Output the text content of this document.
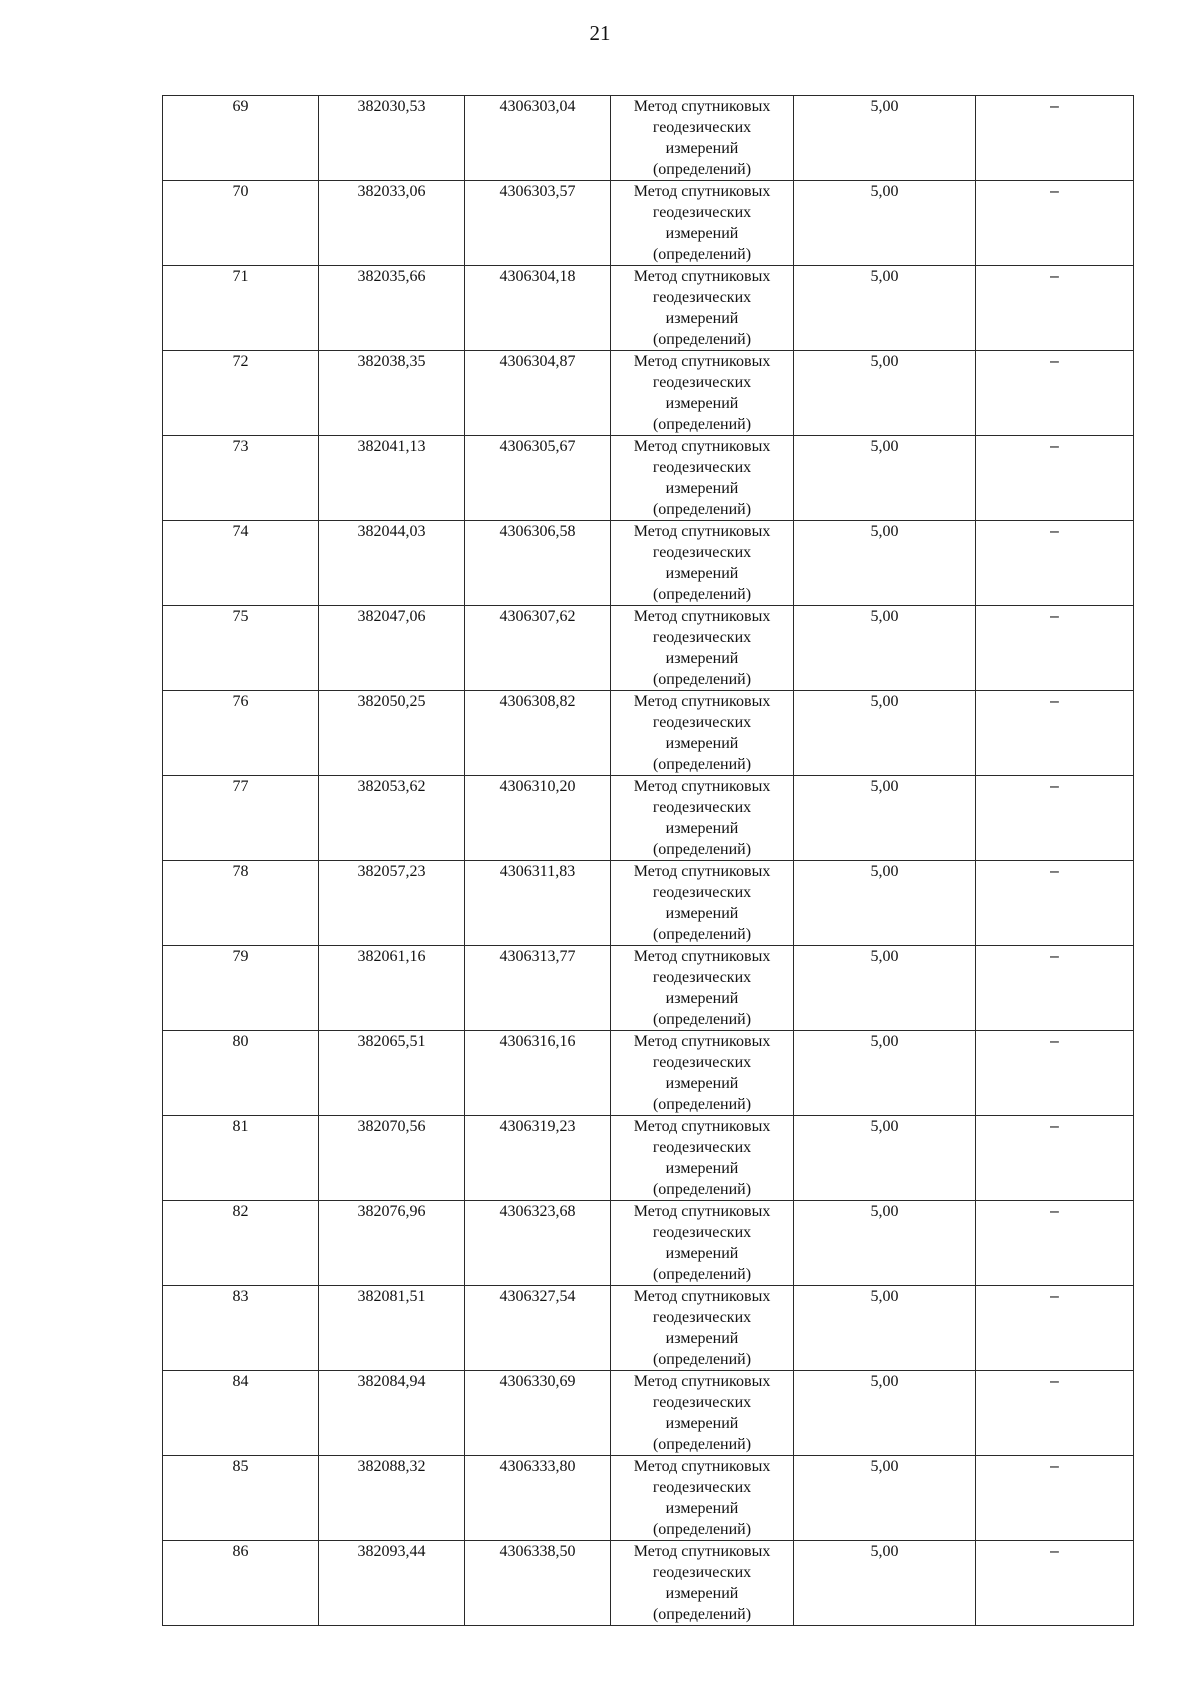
21
69	382030,53	4306303,04	Метод спутниковых
геодезических
измерений
(определений)	5,00	–
70	382033,06	4306303,57	Метод спутниковых
геодезических
измерений
(определений)	5,00	–
71	382035,66	4306304,18	Метод спутниковых
геодезических
измерений
(определений)	5,00	–
72	382038,35	4306304,87	Метод спутниковых
геодезических
измерений
(определений)	5,00	–
73	382041,13	4306305,67	Метод спутниковых
геодезических
измерений
(определений)	5,00	–
74	382044,03	4306306,58	Метод спутниковых
геодезических
измерений
(определений)	5,00	–
75	382047,06	4306307,62	Метод спутниковых
геодезических
измерений
(определений)	5,00	–
76	382050,25	4306308,82	Метод спутниковых
геодезических
измерений
(определений)	5,00	–
77	382053,62	4306310,20	Метод спутниковых
геодезических
измерений
(определений)	5,00	–
78	382057,23	4306311,83	Метод спутниковых
геодезических
измерений
(определений)	5,00	–
79	382061,16	4306313,77	Метод спутниковых
геодезических
измерений
(определений)	5,00	–
80	382065,51	4306316,16	Метод спутниковых
геодезических
измерений
(определений)	5,00	–
81	382070,56	4306319,23	Метод спутниковых
геодезических
измерений
(определений)	5,00	–
82	382076,96	4306323,68	Метод спутниковых
геодезических
измерений
(определений)	5,00	–
83	382081,51	4306327,54	Метод спутниковых
геодезических
измерений
(определений)	5,00	–
84	382084,94	4306330,69	Метод спутниковых
геодезических
измерений
(определений)	5,00	–
85	382088,32	4306333,80	Метод спутниковых
геодезических
измерений
(определений)	5,00	–
86	382093,44	4306338,50	Метод спутниковых
геодезических
измерений
(определений)	5,00	–
